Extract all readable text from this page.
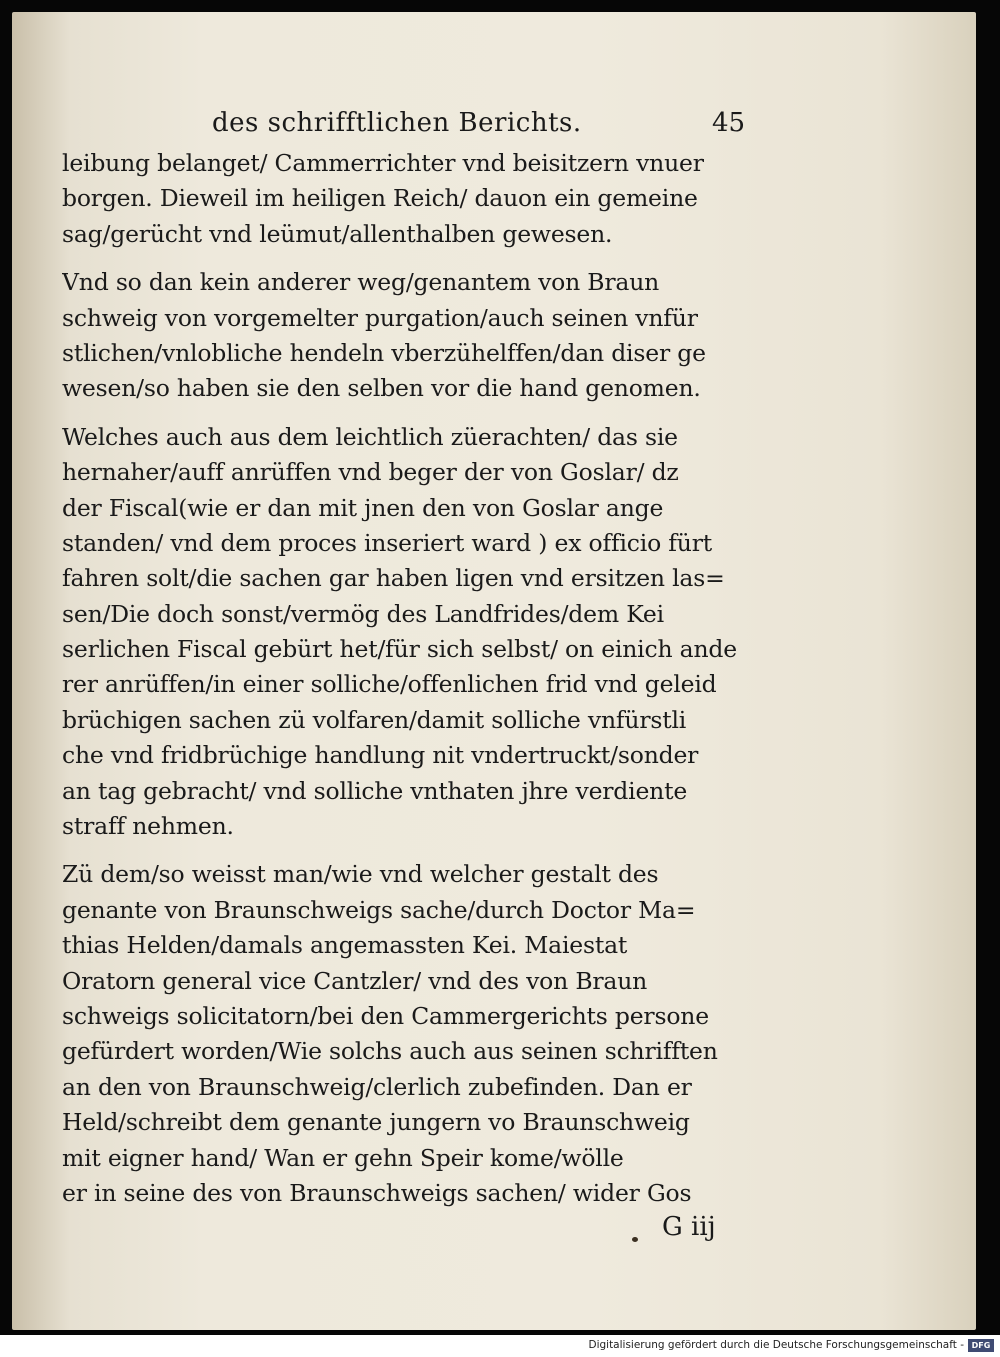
des schrifftlichen Berichts.	45
leibung belanget/ Cammerrichter vnd beisitzern vnuer
borgen. Dieweil im heiligen Reich/ dauon ein gemeine
sag/gerücht vnd leümut/allenthalben gewesen.
Vnd so dan kein anderer weg/genantem von Braun
schweig von vorgemelter purgation/auch seinen vnfür
stlichen/vnlobliche hendeln vberzühelffen/dan diser ge
wesen/so haben sie den selben vor die hand genomen.
Welches auch aus dem leichtlich züerachten/ das sie
hernaher/auff anrüffen vnd beger der von Goslar/ dz
der Fiscal(wie er dan mit jnen den von Goslar ange
standen/ vnd dem proces inseriert ward ) ex officio fürt
fahren solt/die sachen gar haben ligen vnd ersitzen las=
sen/Die doch sonst/vermög des Landfrides/dem Kei
serlichen Fiscal gebürt het/für sich selbst/ on einich ande
rer anrüffen/in einer solliche/offenlichen frid vnd geleid
brüchigen sachen zü volfaren/damit solliche vnfürstli
che vnd fridbrüchige handlung nit vndertruckt/sonder
an tag gebracht/ vnd solliche vnthaten jhre verdiente
straff nehmen.
Zü dem/so weisst man/wie vnd welcher gestalt des
genante von Braunschweigs sache/durch Doctor Ma=
thias Helden/damals angemassten Kei. Maiestat
Oratorn general vice Cantzler/ vnd des von Braun
schweigs solicitatorn/bei den Cammergerichts persone
gefürdert worden/Wie solchs auch aus seinen schrifften
an den von Braunschweig/clerlich zubefinden. Dan er
Held/schreibt dem genante jungern vo Braunschweig
mit eigner hand/ Wan er gehn Speir kome/wölle
er in seine des von Braunschweigs sachen/ wider Gos
G iij
Digitalisierung gefördert durch die Deutsche Forschungsgemeinschaft - DFG
